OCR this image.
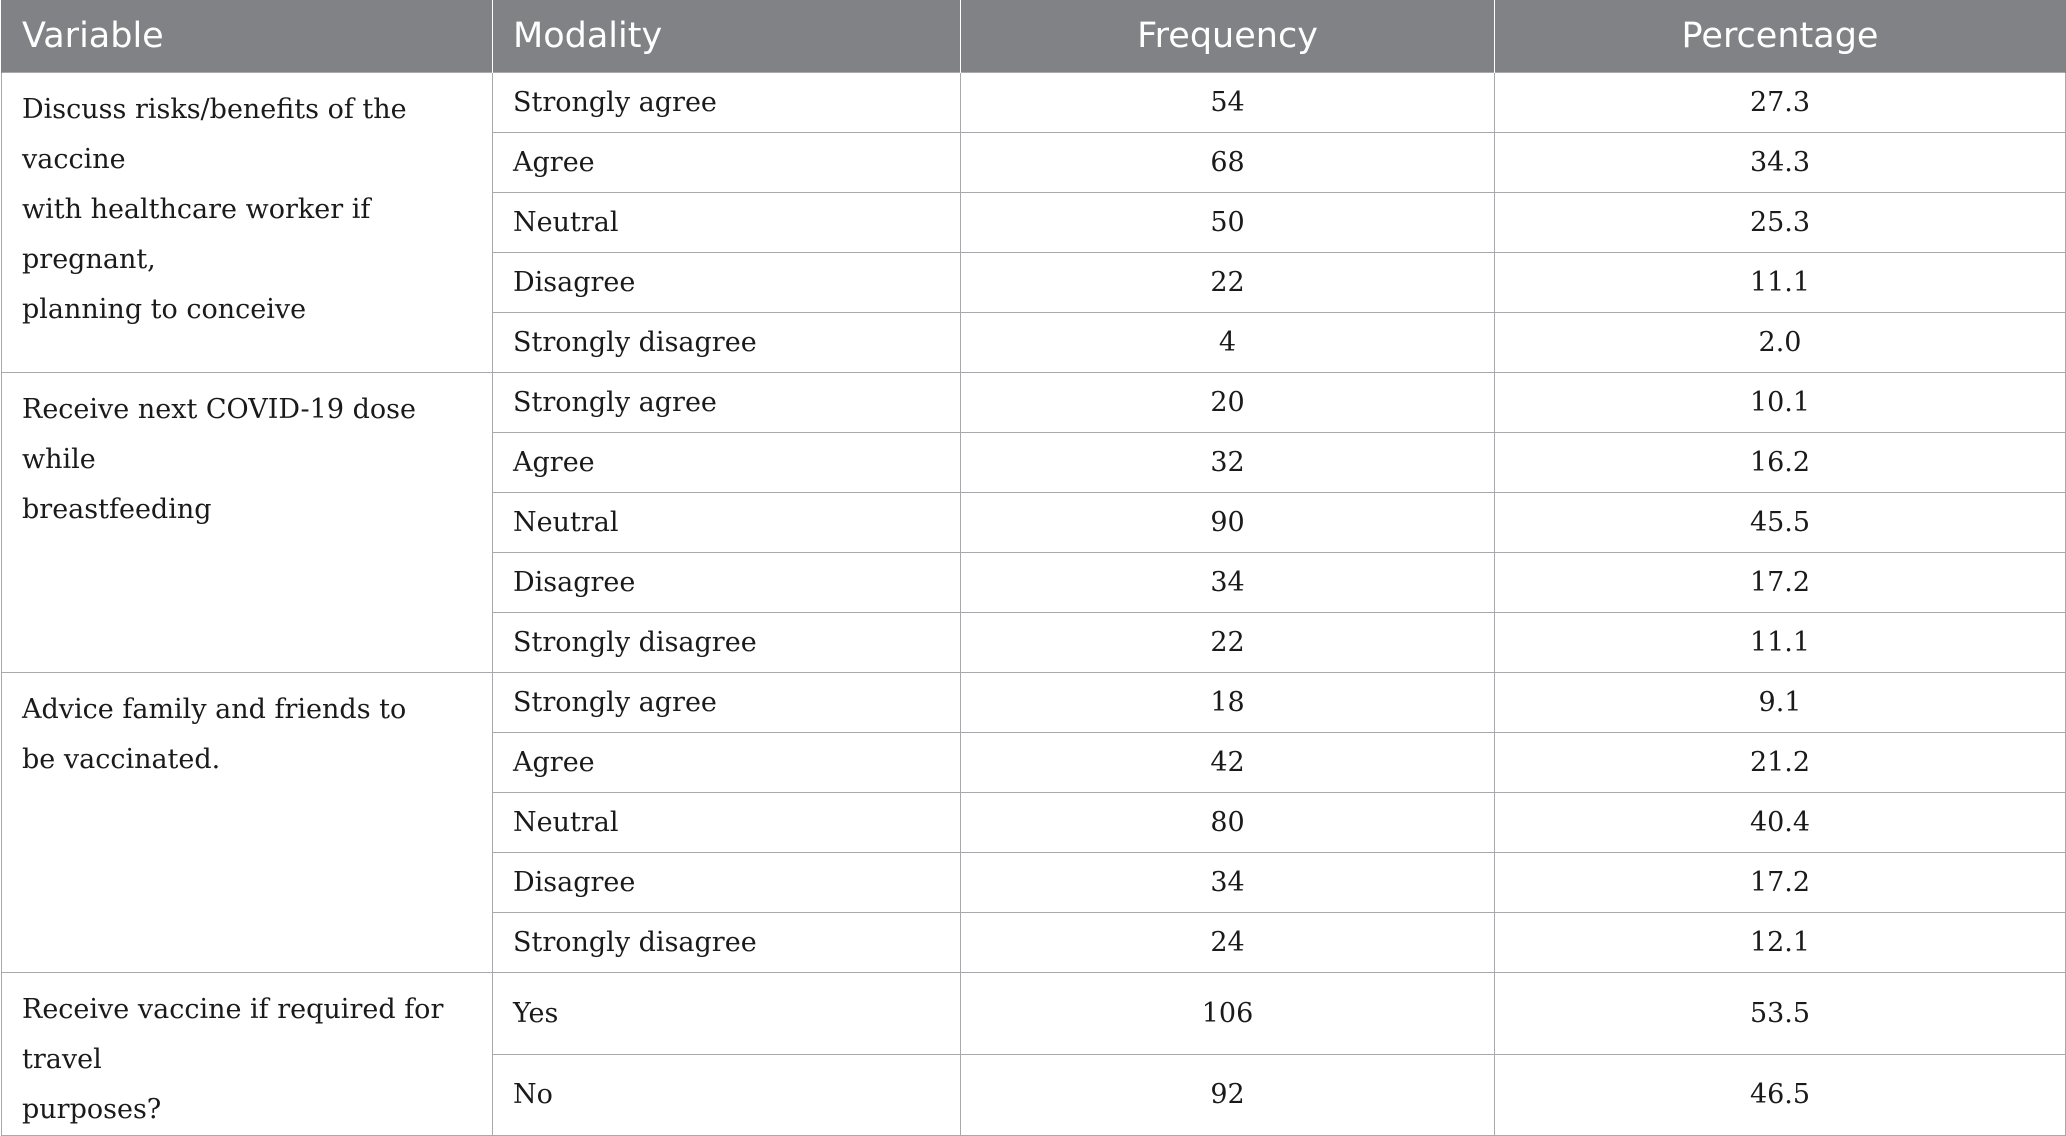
Variable	Modality	Frequency	Percentage

Discuss risks/benefits of the vaccine
with healthcare worker if pregnant,
planning to conceive	Strongly agree	54	27.3
	Agree	68	34.3
	Neutral	50	25.3
	Disagree	22	11.1
	Strongly disagree	4	2.0

Receive next COVID-19 dose while
breastfeeding	Strongly agree	20	10.1
	Agree	32	16.2
	Neutral	90	45.5
	Disagree	34	17.2
	Strongly disagree	22	11.1

Advice family and friends to
be vaccinated.	Strongly agree	18	9.1
	Agree	42	21.2
	Neutral	80	40.4
	Disagree	34	17.2
	Strongly disagree	24	12.1

Receive vaccine if required for travel
purposes?	Yes	106	53.5
	No	92	46.5
